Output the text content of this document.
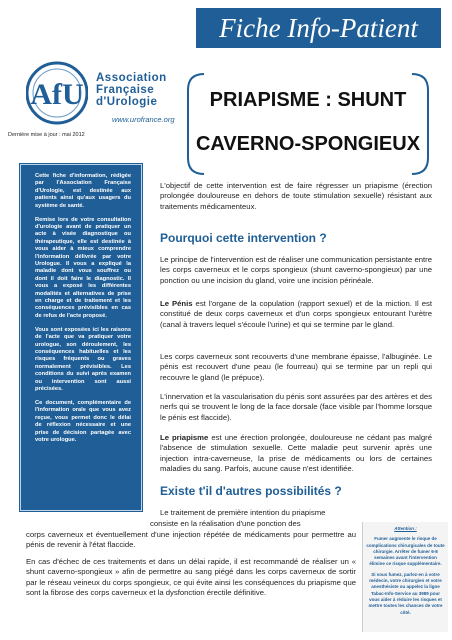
Fiche Info-Patient
AfU Association
Française
d'Urologie
www.urofrance.org
Dernière mise à jour : mai 2012
PRIAPISME : SHUNT
CAVERNO-SPONGIEUX

Cette fiche d'information, rédigée par l'Association Française d'Urologie, est destinée aux patients ainsi qu'aux usagers du système de santé.

Remise lors de votre consultation d'urologie avant de pratiquer un acte à visée diagnostique ou thérapeutique, elle est destinée à vous aider à mieux comprendre l'information délivrée par votre Urologue. Il vous a expliqué la maladie dont vous souffrez ou dont il doit faire le diagnostic. Il vous a exposé les différentes modalités et alternatives de prise en charge et de traitement et les conséquences prévisibles en cas de refus de l'acte proposé.

Vous sont exposées ici les raisons de l'acte que va pratiquer votre urologue, son déroulement, les conséquences habituelles et les risques fréquents ou graves normalement prévisibles. Les conditions du suivi après examen ou intervention sont aussi précisées.

Ce document, complémentaire de l'information orale que vous avez reçue, vous permet donc le délai de réflexion nécessaire et une prise de décision partagée avec votre urologue.

L'objectif de cette intervention est de faire régresser un priapisme (érection prolongée douloureuse en dehors de toute stimulation sexuelle) résistant aux traitements médicamenteux.

Pourquoi cette intervention ?

Le principe de l'intervention est de réaliser une communication persistante entre les corps caverneux et le corps spongieux (shunt caverno-spongieux) par une ponction ou une incision du gland, voire une incision périnéale.

Le Pénis est l'organe de la copulation (rapport sexuel) et de la miction. Il est constitué de deux corps caverneux et d'un corps spongieux entourant l'urètre (canal à travers lequel s'écoule l'urine) et qui se termine par le gland.

Les corps caverneux sont recouverts d'une membrane épaisse, l'albuginée. Le pénis est recouvert d'une peau (le fourreau) qui se termine par un repli qui recouvre le gland (le prépuce).

L'innervation et la vascularisation du pénis sont assurées par des artères et des nerfs qui se trouvent le long de la face dorsale (face visible par l'homme lorsque le pénis est flaccide).

Le priapisme est une érection prolongée, douloureuse ne cédant pas malgré l'absence de stimulation sexuelle. Cette maladie peut survenir après une injection intra-caverneuse, la prise de médicaments ou lors de certaines maladies du sang. Parfois, aucune cause n'est identifiée.

Existe t'il d'autres possibilités ?

Le traitement de première intention du priapisme

consiste en la réalisation d'une ponction des

corps caverneux et éventuellement d'une injection répétée de médicaments pour permettre au pénis de revenir à l'état flaccide.

En cas d'échec de ces traitements et dans un délai rapide, il est recommandé de réaliser un « shunt caverno-spongieux » afin de permettre au sang piégé dans les corps caverneux de sortir par le réseau veineux du corps spongieux, ce qui évite ainsi les conséquences du priapisme que sont la fibrose des corps caverneux et la dysfonction érectile définitive.

Attention :

Fumer augmente le risque de complications chirurgicales de toute chirurgie. Arrêter de fumer 6-8 semaines avant l'intervention élimine ce risque supplémentaire.

Si vous fumez, parlez-en à votre médecin, votre chirurgien et votre anesthésiste ou appelez la ligne Tabac-Info-Service au 3989 pour vous aider à réduire les risques et mettre toutes les chances de votre côté.
